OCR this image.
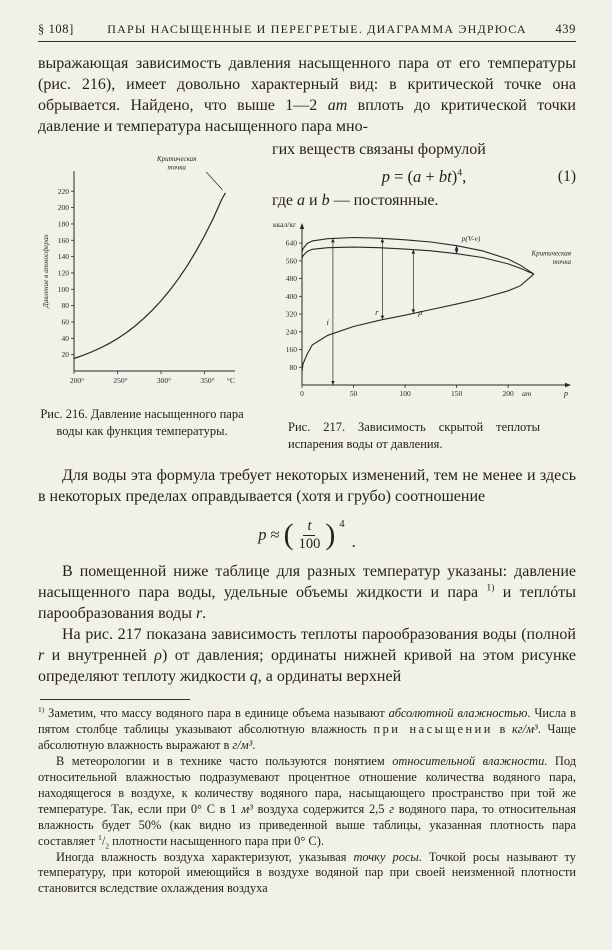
§ 108]	ПАРЫ НАСЫЩЕННЫЕ И ПЕРЕГРЕТЫЕ. ДИАГРАММА ЭНДРЮСА	439

выражающая зависимость давления насыщенного пара от его температуры (рис. 216), имеет довольно характерный вид: в критической точке она обрывается. Найдено, что выше 1—2 ат вплоть до критической точки давление и температура насыщенного пара мно-

20
40
60
80
100
120
140
160
180
200
220
200°	250°	300°	350° °C
Давление в атмосферах
Критическая
точка
Рис. 216. Давление насыщенного пара воды как функция температуры.

гих веществ связаны формулой

p = (a + bt)$^4$,	(1)

где a и b — постоянные.

ккал/кг
80
160
240
320
400
480
560
640
0	50	100	150	200 ат	p
i
r	ρ
p(V-v)
Критическая
точка
Рис. 217. Зависимость скрытой теплоты испарения воды от давления.

Для воды эта формула требует некоторых изменений, тем не менее и здесь в некоторых пределах оправдывается (хотя и грубо) соотношение

p ≈ ( $\frac{t}{100}$ ) 4
.

В помещенной ниже таблице для разных температур указаны: давление насыщенного пара воды, удельные объемы жидкости и пара $^{1)}$ и теплóты парообразования воды r.

На рис. 217 показана зависимость теплоты парообразования воды (полной r и внутренней ρ) от давления; ординаты нижней кривой на этом рисунке определяют теплоту жидкости q, а ординаты верхней

$^{1)}$ Заметим, что массу водяного пара в единице объема называют абсолютной влажностью. Числа в пятом столбце таблицы указывают абсолютную влажность при насыщении в кг/м³. Чаще абсолютную влажность выражают в г/м³.

В метеорологии и в технике часто пользуются понятием относительной влажности. Под относительной влажностью подразумевают процентное отношение количества водяного пара, находящегося в воздухе, к количеству водяного пара, насыщающего пространство при той же температуре. Так, если при 0° С в 1 м³ воздуха содержится 2,5 г водяного пара, то относительная влажность будет 50% (как видно из приведенной выше таблицы, указанная плотность пара составляет $^1/_2$ плотности насыщенного пара при 0° С).

Иногда влажность воздуха характеризуют, указывая точку росы. Точкой росы называют ту температуру, при которой имеющийся в воздухе водяной пар при своей неизменной плотности становится вследствие охлаждения воздуха
